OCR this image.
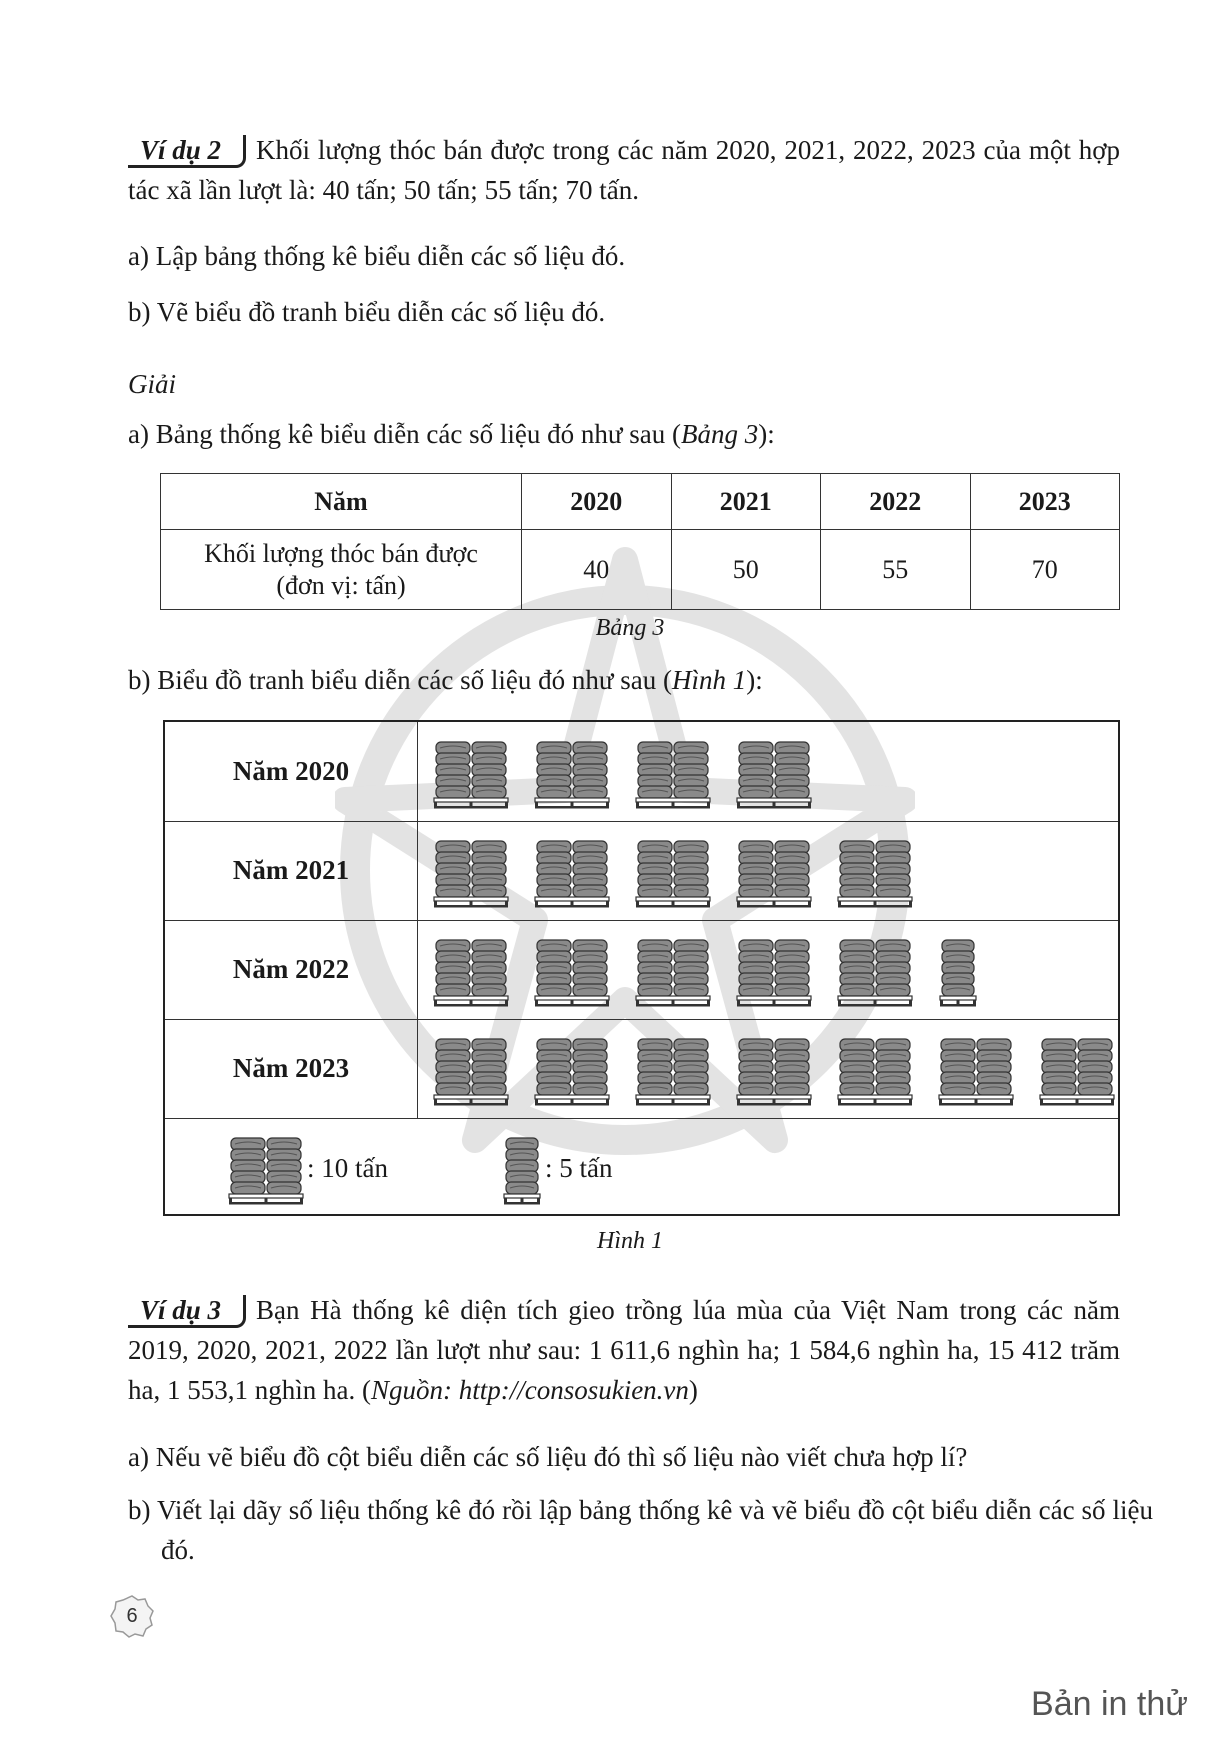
Ví dụ 2 Khối lượng thóc bán được trong các năm 2020, 2021, 2022, 2023 của một hợp tác xã lần lượt là: 40 tấn; 50 tấn; 55 tấn; 70 tấn.
a) Lập bảng thống kê biểu diễn các số liệu đó.
b) Vẽ biểu đồ tranh biểu diễn các số liệu đó.
Giải
a) Bảng thống kê biểu diễn các số liệu đó như sau (Bảng 3):
Năm	2020	2021	2022	2023

Khối lượng thóc bán được
(đơn vị: tấn)	40	50	55	70
Bảng 3
b) Biểu đồ tranh biểu diễn các số liệu đó như sau (Hình 1):
: 10 tấn	: 5 tấn
Năm 2020
Năm 2021
Năm 2022
Năm 2023
Hình 1
Ví dụ 3 Bạn Hà thống kê diện tích gieo trồng lúa mùa của Việt Nam trong các năm 2019, 2020, 2021, 2022 lần lượt như sau: 1 611,6 nghìn ha; 1 584,6 nghìn ha, 15 412 trăm ha, 1 553,1 nghìn ha. (Nguồn: http://consosukien.vn)
a) Nếu vẽ biểu đồ cột biểu diễn các số liệu đó thì số liệu nào viết chưa hợp lí?
b) Viết lại dãy số liệu thống kê đó rồi lập bảng thống kê và vẽ biểu đồ cột biểu diễn các số liệu đó.
6
Bản in thử
